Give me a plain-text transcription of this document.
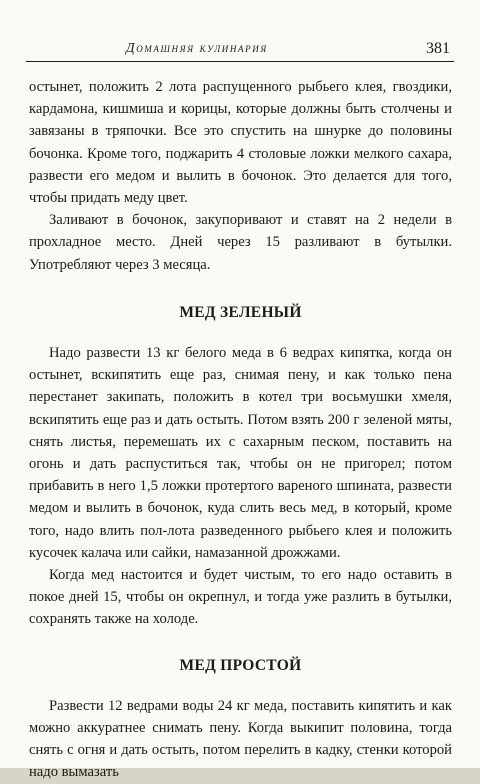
Домашняя кулинария	381

остынет, положить 2 лота распущенного рыбьего клея, гвоздики, кардамона, кишмиша и корицы, которые должны быть столчены и завязаны в тряпочки. Все это спустить на шнурке до половины бочонка. Кроме того, поджарить 4 столовые ложки мелкого сахара, развести его медом и вылить в бочонок. Это делается для того, чтобы придать меду цвет.

Заливают в бочонок, закупоривают и ставят на 2 недели в прохладное место. Дней через 15 разливают в бутылки. Употребляют через 3 месяца.

МЕД ЗЕЛЕНЫЙ

Надо развести 13 кг белого меда в 6 ведрах кипятка, когда он остынет, вскипятить еще раз, снимая пену, и как только пена перестанет закипать, положить в котел три восьмушки хмеля, вскипятить еще раз и дать остыть. Потом взять 200 г зеленой мяты, снять листья, перемешать их с сахарным песком, поставить на огонь и дать распуститься так, чтобы он не пригорел; потом прибавить в него 1,5 ложки протертого вареного шпината, развести медом и вылить в бочонок, куда слить весь мед, в который, кроме того, надо влить пол-лота разведенного рыбьего клея и положить кусочек калача или сайки, намазанной дрожжами.

Когда мед настоится и будет чистым, то его надо оставить в покое дней 15, чтобы он окрепнул, и тогда уже разлить в бутылки, сохранять также на холоде.

МЕД ПРОСТОЙ

Развести 12 ведрами воды 24 кг меда, поставить кипятить и как можно аккуратнее снимать пену. Когда выкипит половина, тогда снять с огня и дать остыть, потом перелить в кадку, стенки которой надо вымазать
